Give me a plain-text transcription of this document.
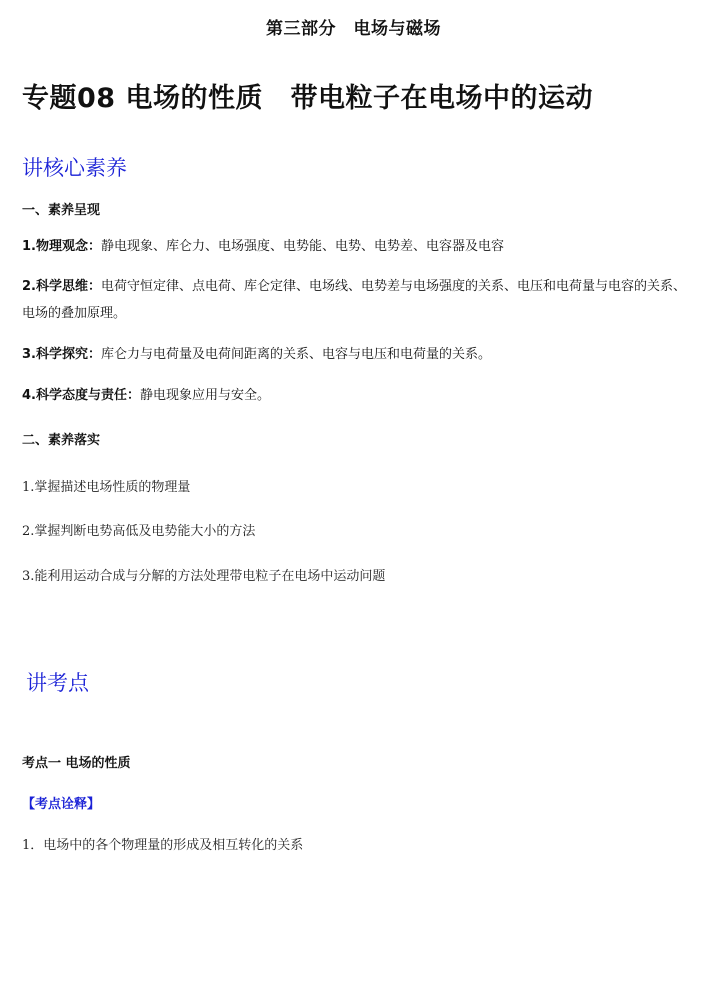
第三部分　电场与磁场
专题08 电场的性质　带电粒子在电场中的运动
讲核心素养
一、素养呈现
1.物理观念：静电现象、库仑力、电场强度、电势能、电势、电势差、电容器及电容
2.科学思维：电荷守恒定律、点电荷、库仑定律、电场线、电势差与电场强度的关系、电压和电荷量与电容的关系、电场的叠加原理。
3.科学探究：库仑力与电荷量及电荷间距离的关系、电容与电压和电荷量的关系。
4.科学态度与责任：静电现象应用与安全。
二、素养落实
1.掌握描述电场性质的物理量
2.掌握判断电势高低及电势能大小的方法
3.能利用运动合成与分解的方法处理带电粒子在电场中运动问题
讲考点
考点一 电场的性质
【考点诠释】
1．电场中的各个物理量的形成及相互转化的关系
